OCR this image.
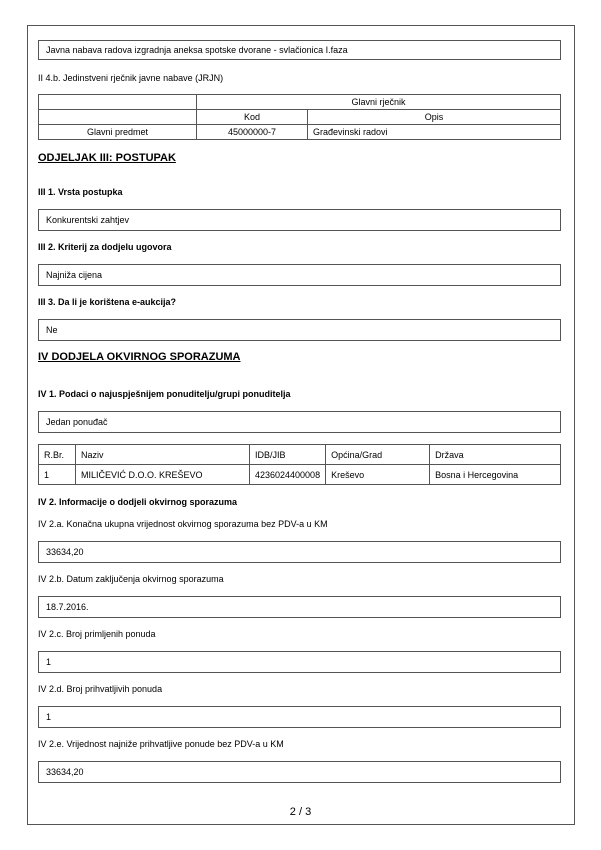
Javna nabava radova izgradnja aneksa spotske dvorane - svlačionica I.faza
II 4.b. Jedinstveni rječnik javne nabave (JRJN)
	Glavni rječnik	
	Kod	Opis
Glavni predmet	45000000-7	Građevinski radovi
ODJELJAK III: POSTUPAK
III 1. Vrsta postupka
Konkurentski zahtjev
III 2. Kriterij za dodjelu ugovora
Najniža cijena
III 3. Da li je korištena e-aukcija?
Ne
IV DODJELA OKVIRNOG SPORAZUMA
IV 1. Podaci o najuspješnijem ponuditelju/grupi ponuditelja
Jedan ponuđač
R.Br.	Naziv	IDB/JIB	Općina/Grad	Država
1	MILIČEVIĆ D.O.O. KREŠEVO	4236024400008	Kreševo	Bosna i Hercegovina
IV 2. Informacije o dodjeli okvirnog sporazuma
IV 2.a. Konačna ukupna vrijednost okvirnog sporazuma bez PDV-a u KM
33634,20
IV 2.b. Datum zaključenja okvirnog sporazuma
18.7.2016.
IV 2.c. Broj primljenih ponuda
1
IV 2.d. Broj prihvatljivih ponuda
1
IV 2.e. Vrijednost najniže prihvatljive ponude bez PDV-a u KM
33634,20
2 / 3
